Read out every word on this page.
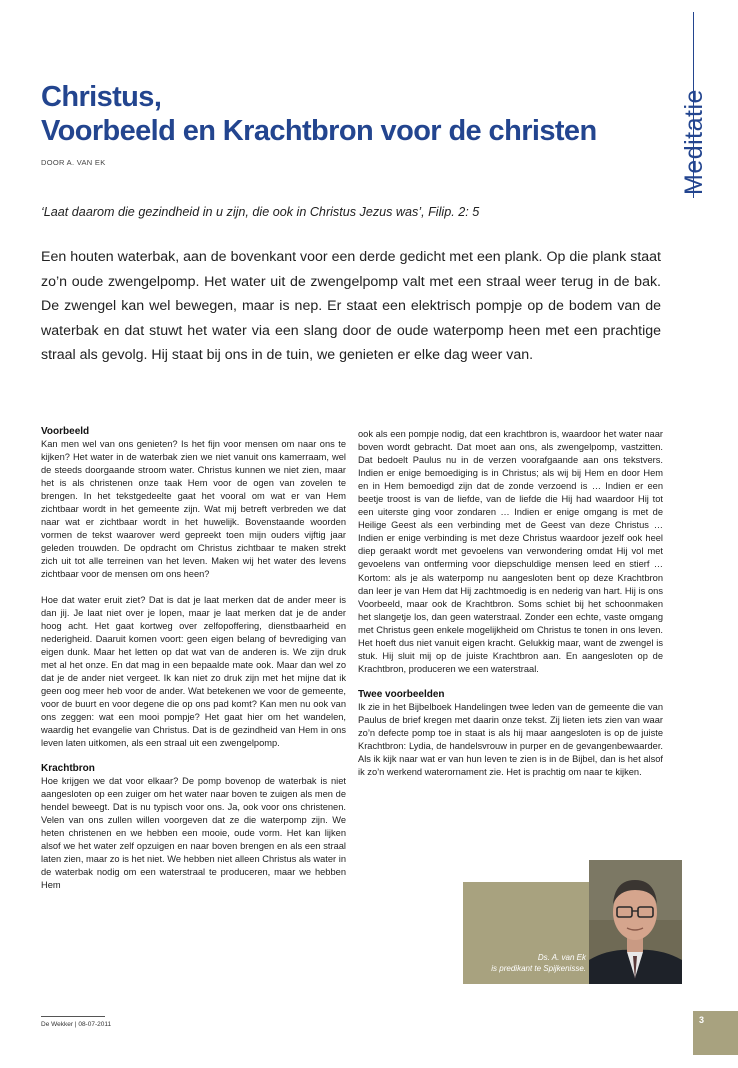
Meditatie
Christus,
Voorbeeld en Krachtbron voor de christen
DOOR A. VAN EK
‘Laat daarom die gezindheid in u zijn, die ook in Christus Jezus was’, Filip. 2: 5
Een houten waterbak, aan de bovenkant voor een derde gedicht met een plank. Op die plank staat zo’n oude zwengelpomp. Het water uit de zwengelpomp valt met een straal weer terug in de bak. De zwengel kan wel bewegen, maar is nep. Er staat een elektrisch pompje op de bodem van de waterbak en dat stuwt het water via een slang door de oude waterpomp heen met een prachtige straal als gevolg. Hij staat bij ons in de tuin, we genieten er elke dag weer van.
Voorbeeld

Kan men wel van ons genieten? Is het fijn voor mensen om naar ons te kijken? Het water in de waterbak zien we niet vanuit ons kamerraam, wel de steeds doorgaande stroom water. Christus kunnen we niet zien, maar het is als christenen onze taak Hem voor de ogen van zovelen te brengen. In het tekstgedeelte gaat het vooral om wat er van Hem zichtbaar wordt in het gemeente zijn. Wat mij betreft verbreden we dat naar wat er zichtbaar wordt in het huwelijk. Bovenstaande woorden vormen de tekst waarover werd gepreekt toen mijn ouders vijftig jaar geleden trouwden. De opdracht om Christus zichtbaar te maken strekt zich uit tot alle terreinen van het leven. Maken wij het water des levens zichtbaar voor de mensen om ons heen?

Hoe dat water eruit ziet? Dat is dat je laat merken dat de ander meer is dan jij. Je laat niet over je lopen, maar je laat merken dat je de ander hoog acht. Het gaat kortweg over zelfopoffering, dienstbaarheid en nederigheid. Daaruit komen voort: geen eigen belang of bevrediging van eigen dunk. Maar het letten op dat wat van de anderen is. We zijn druk met al het onze. En dat mag in een bepaalde mate ook. Maar dan wel zo dat je de ander niet vergeet. Ik kan niet zo druk zijn met het mijne dat ik geen oog meer heb voor de ander. Wat betekenen we voor de gemeente, voor de buurt en voor degene die op ons pad komt? Kan men nu ook van ons zeggen: wat een mooi pompje? Het gaat hier om het wandelen, waardig het evangelie van Christus. Dat is de gezindheid van Hem in ons leven laten uitkomen, als een straal uit een zwengelpomp.

Krachtbron

Hoe krijgen we dat voor elkaar? De pomp bovenop de waterbak is niet aangesloten op een zuiger om het water naar boven te zuigen als men de hendel beweegt. Dat is nu typisch voor ons. Ja, ook voor ons christenen. Velen van ons zullen willen voorgeven dat ze die waterpomp zijn. We heten christenen en we hebben een mooie, oude vorm. Het kan lijken alsof we het water zelf opzuigen en naar boven brengen en als een straal laten zien, maar zo is het niet. We hebben niet alleen Christus als water in de waterbak nodig om een waterstraal te produceren, maar we hebben Hem

ook als een pompje nodig, dat een krachtbron is, waardoor het water naar boven wordt gebracht. Dat moet aan ons, als zwengelpomp, vastzitten. Dat bedoelt Paulus nu in de verzen voorafgaande aan ons tekstvers. Indien er enige bemoediging is in Christus; als wij bij Hem en door Hem en in Hem bemoedigd zijn dat de zonde verzoend is … Indien er een beetje troost is van de liefde, van de liefde die Hij had waardoor Hij tot een uiterste ging voor zondaren … Indien er enige omgang is met de Heilige Geest als een verbinding met de Geest van deze Christus … Indien er enige verbinding is met deze Christus waardoor jezelf ook heel diep geraakt wordt met gevoelens van verwondering omdat Hij vol met gevoelens van ontferming voor diepschuldige mensen leed en stierf … Kortom: als je als waterpomp nu aangesloten bent op deze Krachtbron dan leer je van Hem dat Hij zachtmoedig is en nederig van hart. Hij is ons Voorbeeld, maar ook de Krachtbron. Soms schiet bij het schoonmaken het slangetje los, dan geen waterstraal. Zonder een echte, vaste omgang met Christus geen enkele mogelijkheid om Christus te tonen in ons leven. Het hoeft dus niet vanuit eigen kracht. Gelukkig maar, want de zwengel is stuk. Hij sluit mij op de juiste Krachtbron aan. En aangesloten op de Krachtbron, produceren we een waterstraal.

Twee voorbeelden

Ik zie in het Bijbelboek Handelingen twee leden van de gemeente die van Paulus de brief kregen met daarin onze tekst. Zij lieten iets zien van waar zo’n defecte pomp toe in staat is als hij maar aangesloten is op de juiste Krachtbron: Lydia, de handelsvrouw in purper en de gevangenbewaarder. Als ik kijk naar wat er van hun leven te zien is in de Bijbel, dan is het alsof ik zo’n werkend waterornament zie. Het is prachtig om naar te kijken.

Ds. A. van Ek
is predikant te Spijkenisse.
De Wekker | 08-07-2011	3
